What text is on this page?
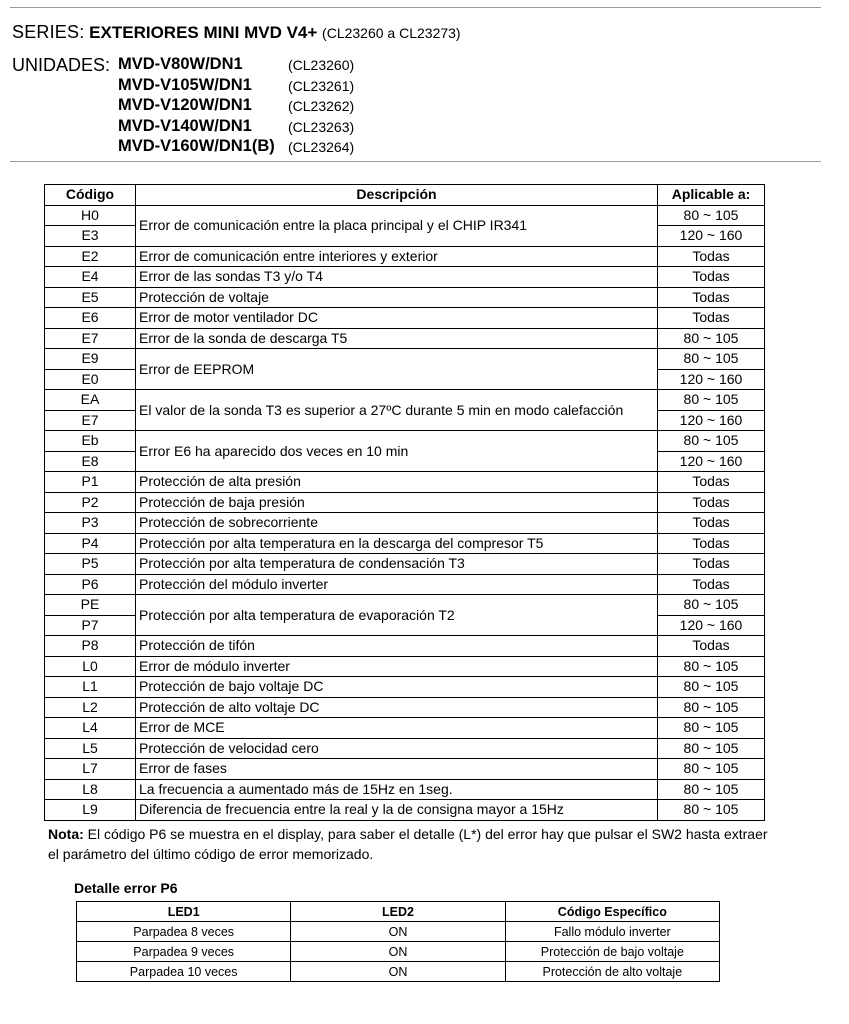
SERIES: EXTERIORES MINI MVD V4+ (CL23260 a CL23273)
UNIDADES: MVD-V80W/DN1	(CL23260)
MVD-V105W/DN1	(CL23261)
MVD-V120W/DN1	(CL23262)
MVD-V140W/DN1	(CL23263)
MVD-V160W/DN1(B) (CL23264)
Código	Descripción	Aplicable a:
H0	Error de comunicación entre la placa principal y el CHIP IR341	80 ~ 105
E3		120 ~ 160
E2	Error de comunicación entre interiores y exterior	Todas
E4	Error de las sondas T3 y/o T4	Todas
E5	Protección de voltaje	Todas
E6	Error de motor ventilador DC	Todas
E7	Error de la sonda de descarga T5	80 ~ 105
E9	Error de EEPROM	80 ~ 105
E0		120 ~ 160
EA	El valor de la sonda T3 es superior a 27ºC durante 5 min en modo calefacción	80 ~ 105
E7		120 ~ 160
Eb	Error E6 ha aparecido dos veces en 10 min	80 ~ 105
E8		120 ~ 160
P1	Protección de alta presión	Todas
P2	Protección de baja presión	Todas
P3	Protección de sobrecorriente	Todas
P4	Protección por alta temperatura en la descarga del compresor T5	Todas
P5	Protección por alta temperatura de condensación T3	Todas
P6	Protección del módulo inverter	Todas
PE	Protección por alta temperatura de evaporación T2	80 ~ 105
P7		120 ~ 160
P8	Protección de tifón	Todas
L0	Error de módulo inverter	80 ~ 105
L1	Protección de bajo voltaje DC	80 ~ 105
L2	Protección de alto voltaje DC	80 ~ 105
L4	Error de MCE	80 ~ 105
L5	Protección de velocidad cero	80 ~ 105
L7	Error de fases	80 ~ 105
L8	La frecuencia a aumentado más de 15Hz en 1seg.	80 ~ 105
L9	Diferencia de frecuencia entre la real y la de consigna mayor a 15Hz	80 ~ 105
Nota: El código P6 se muestra en el display, para saber el detalle (L*) del error hay que pulsar el SW2 hasta extraer el parámetro del último código de error memorizado.
Detalle error P6
LED1	LED2	Código Específico
Parpadea 8 veces	ON	Fallo módulo inverter
Parpadea 9 veces	ON	Protección de bajo voltaje
Parpadea 10 veces	ON	Protección de alto voltaje
